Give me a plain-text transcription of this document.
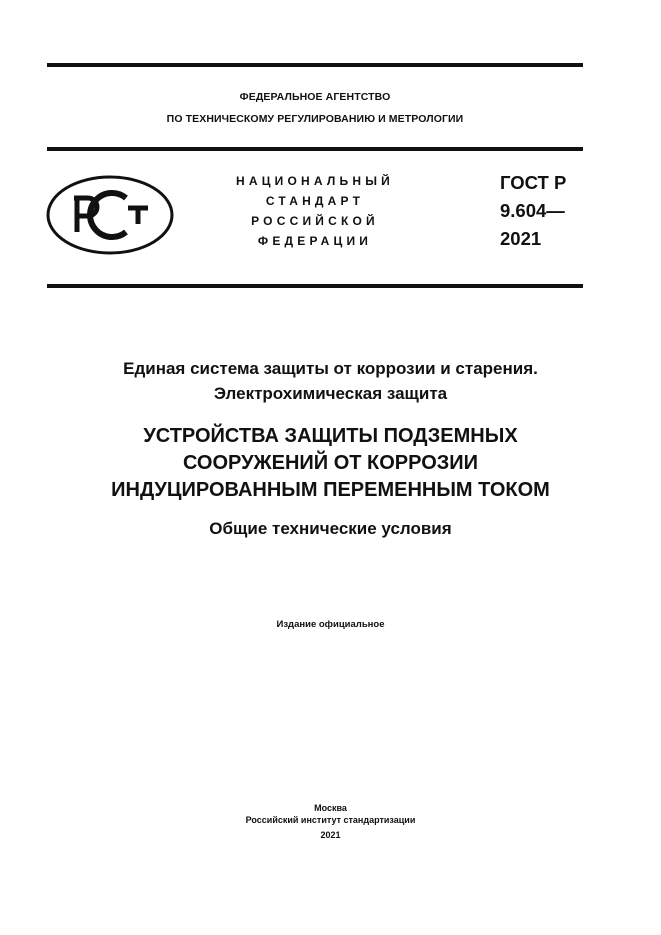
ФЕДЕРАЛЬНОЕ АГЕНТСТВО
ПО ТЕХНИЧЕСКОМУ РЕГУЛИРОВАНИЮ И МЕТРОЛОГИИ
НАЦИОНАЛЬНЫЙ
СТАНДАРТ
РОССИЙСКОЙ
ФЕДЕРАЦИИ
ГОСТ Р
9.604—
2021
Единая система защиты от коррозии и старения.
Электрохимическая защита
УСТРОЙСТВА ЗАЩИТЫ ПОДЗЕМНЫХ
СООРУЖЕНИЙ ОТ КОРРОЗИИ
ИНДУЦИРОВАННЫМ ПЕРЕМЕННЫМ ТОКОМ
Общие технические условия
Издание официальное
Москва
Российский институт стандартизации
2021
